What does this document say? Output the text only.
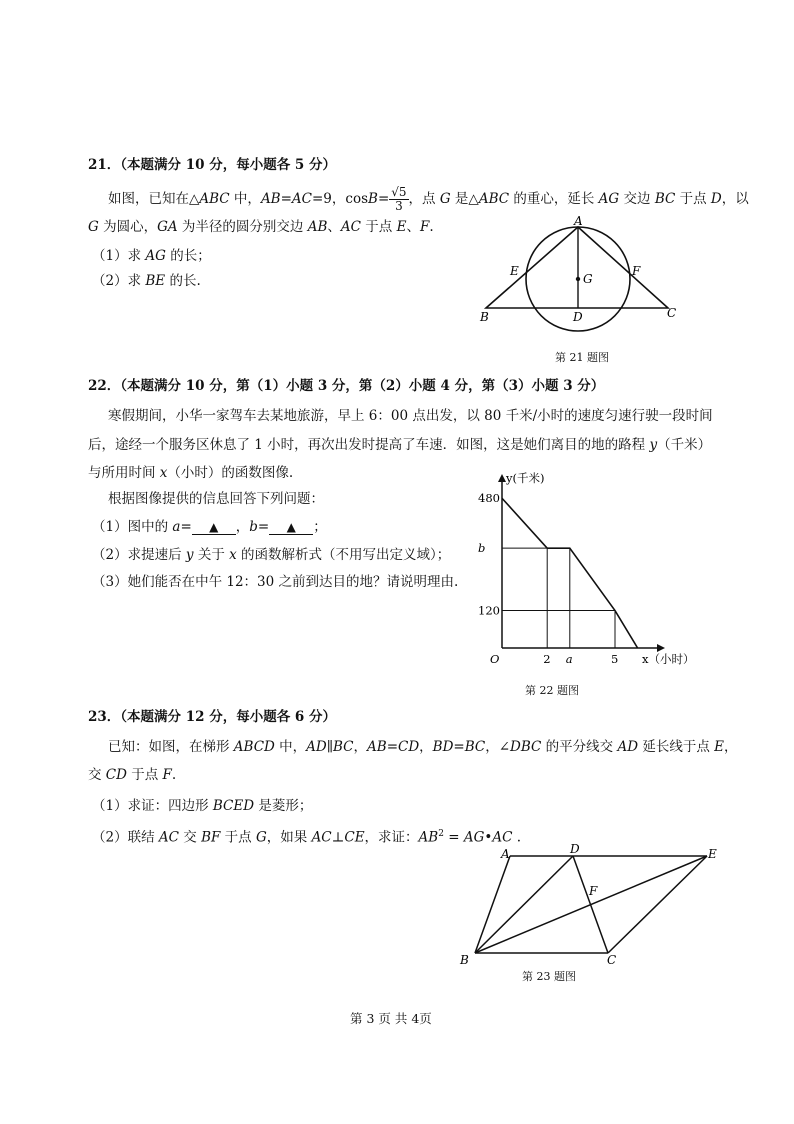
21．（本题满分 10 分，每小题各 5 分）
如图，已知在△ABC 中，AB=AC=9，$\cos B= \frac{√5}{3}$ ，点 G 是△ABC 的重心，延长 AG 交边 BC 于点 D，以
G 为圆心，GA 为半径的圆分别交边 AB、AC 于点 E、F.
（1）求 AG 的长；
（2）求 BE 的长.
A
B	C
D
E	F
G
第 21 题图
22．（本题满分 10 分，第（1）小题 3 分，第（2）小题 4 分，第（3）小题 3 分）
寒假期间，小华一家驾车去某地旅游，早上 6：00 点出发，以 80 千米/小时的速度匀速行驶一段时间
后，途经一个服务区休息了 1 小时，再次出发时提高了车速．如图，这是她们离目的地的路程 y（千米）
与所用时间 x（小时）的函数图像.
根据图像提供的信息回答下列问题：
（1）图中的 a= ▲ ，b= ▲ ；
（2）求提速后 y 关于 x 的函数解析式（不用写出定义域）；
（3）她们能否在中午 12：30 之前到达目的地？请说明理由.
O	2 a	5
480
b
120
y(千米)
x（小时）
第 22 题图
23．（本题满分 12 分，每小题各 6 分）
已知：如图，在梯形 ABCD 中，AD∥BC，AB=CD，BD=BC，∠DBC 的平分线交 AD 延长线于点 E，
交 CD 于点 F.
（1）求证：四边形 BCED 是菱形；
（2）联结 AC 交 BF 于点 G，如果 AC⊥CE，求证：$AB^2$ = AG•AC .
A	D	E
B	C
F
第 23 题图
第 3 页 共 4页
